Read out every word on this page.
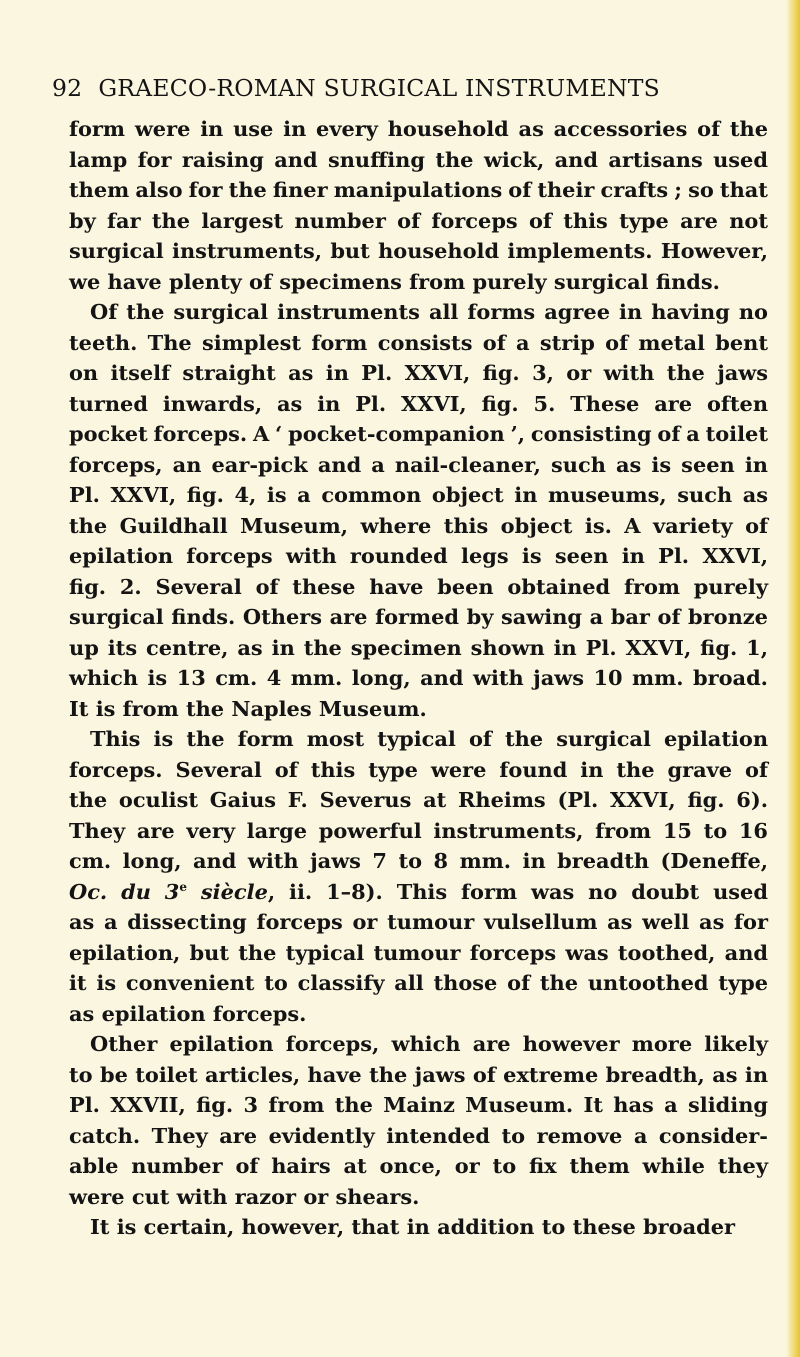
92 GRAECO-ROMAN SURGICAL INSTRUMENTS

form were in use in every household as accessories of the
lamp for raising and snuffing the wick, and artisans used
them also for the finer manipulations of their crafts ; so that
by far the largest number of forceps of this type are not
surgical instruments, but household implements. However,
we have plenty of specimens from purely surgical finds.

Of the surgical instruments all forms agree in having no
teeth. The simplest form consists of a strip of metal bent
on itself straight as in Pl. XXVI, fig. 3, or with the jaws
turned inwards, as in Pl. XXVI, fig. 5. These are often
pocket forceps. A ‘ pocket-companion ’, consisting of a toilet
forceps, an ear-pick and a nail-cleaner, such as is seen in
Pl. XXVI, fig. 4, is a common object in museums, such as
the Guildhall Museum, where this object is. A variety of
epilation forceps with rounded legs is seen in Pl. XXVI,
fig. 2. Several of these have been obtained from purely
surgical finds. Others are formed by sawing a bar of bronze
up its centre, as in the specimen shown in Pl. XXVI, fig. 1,
which is 13 cm. 4 mm. long, and with jaws 10 mm. broad.
It is from the Naples Museum.

This is the form most typical of the surgical epilation
forceps. Several of this type were found in the grave of
the oculist Gaius F. Severus at Rheims (Pl. XXVI, fig. 6).
They are very large powerful instruments, from 15 to 16
cm. long, and with jaws 7 to 8 mm. in breadth (Deneffe,
Oc. du 3e siècle, ii. 1–8). This form was no doubt used
as a dissecting forceps or tumour vulsellum as well as for
epilation, but the typical tumour forceps was toothed, and
it is convenient to classify all those of the untoothed type
as epilation forceps.

Other epilation forceps, which are however more likely
to be toilet articles, have the jaws of extreme breadth, as in
Pl. XXVII, fig. 3 from the Mainz Museum. It has a sliding
catch. They are evidently intended to remove a consider-
able number of hairs at once, or to fix them while they
were cut with razor or shears.

It is certain, however, that in addition to these broader
